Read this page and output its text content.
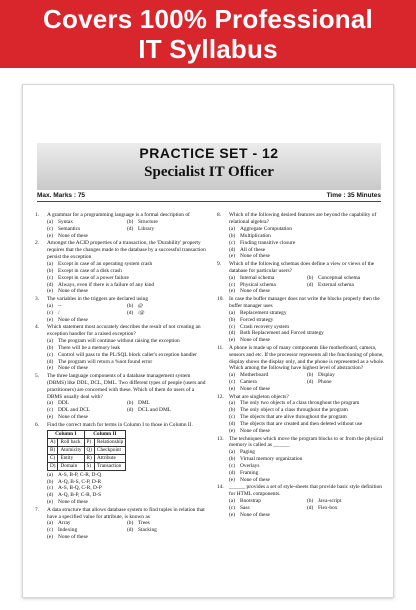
Covers 100% Professional
IT Syllabus
PRACTICE SET - 12
Specialist IT Officer
Max. Marks : 75	Time : 35 Minutes
1. A grammar for a programming language is a formal description of
(a) Syntax	(b) Structure
(c) Semantics	(d) Library
(e) None of these
2. Amongst the ACID properties of a transaction, the 'Durability' property requires that the changes made to the database by a successful transaction persist the exception
(a) Except in case of an operating system crash
(b) Except in case of a disk crash
(c) Except in case of a power failure
(d) Always, even if there is a failure of any kind
(e) None of these
3. The variables in the triggers are declared using
(a) --	(b) @
(c) /	(d) /@
(e) None of these
4. Which statement most accurately describes the result of not creating an exception handler for a raised exception?
(a) The program will continue without raising the exception
(b) There will be a memory leak
(c) Control will pass to the PL/SQL block caller's exception handler
(d) The program will return a %not found error
(e) None of these
5. The three language components of a database management system (DBMS) like DDL, DCL, DML. Two different types of people (users and practitioners) are concerned with these. Which of them do users of a DBMS usually deal with?
(a) DDL	(b) DML
(c) DDL and DCL	(d) DCL and DML
(e) None of these
6. Find the correct match for terms in Column I to those in Column II.
Column I		Column II	
A)	Roll back	P)	Relationship
B)	Atomicity	Q)	Checkpoint
C)	Entity	R)	Attribute
D)	Domain	S)	Transaction
(a) A-S, B-P, C-R, D-Q
(b) A-Q, B-S, C-P, D-R
(c) A-S, B-Q, C-R, D-P
(d) A-Q, B-P, C-R, D-S
(e) None of these
7. A data structure that allows database system to find tuples in relation that have a specified value for attribute, is known as
(a) Array	(b) Trees
(c) Indexing	(d) Stacking
(e) None of these
8. Which of the following desired features are beyond the capability of relational algebra?
(a) Aggregate Computation
(b) Multiplication
(c) Finding transitive closure
(d) All of these
(e) None of these
9. Which of the following schemas does define a view or views of the database for particular users?
(a) Internal schema	(b) Conceptual schema
(c) Physical schema	(d) External schema
(e) None of these
10. In case the buffer manager does not write the blocks properly then the buffer manager uses
(a) Replacement strategy
(b) Forced strategy
(c) Crash recovery system
(d) Both Replacement and Forced strategy
(e) None of these
11. A phone is made up of many components like motherboard, camera, sensors and etc. If the processor represents all the functioning of phone, display shows the display only, and the phone is represented as a whole. Which among the following have highest level of abstraction?
(a) Motherboard	(b) Display
(c) Camera	(d) Phone
(e) None of these
12. What are singleton objects?
(a) The only two objects of a class throughout the program
(b) The only object of a class throughout the program
(c) The objects that are alive throughout the program
(d) The objects that are created and then deleted without use
(e) None of these
13. The techniques which move the program blocks to or from the physical memory is called as ______
(a) Paging
(b) Virtual memory organization
(c) Overlays
(d) Framing
(e) None of these
14. ______ provides a set of style-sheets that provide basic style definition for HTML components.
(a) Bootstrap	(b) Java-script
(c) Sass	(d) Flex-box
(e) None of these
